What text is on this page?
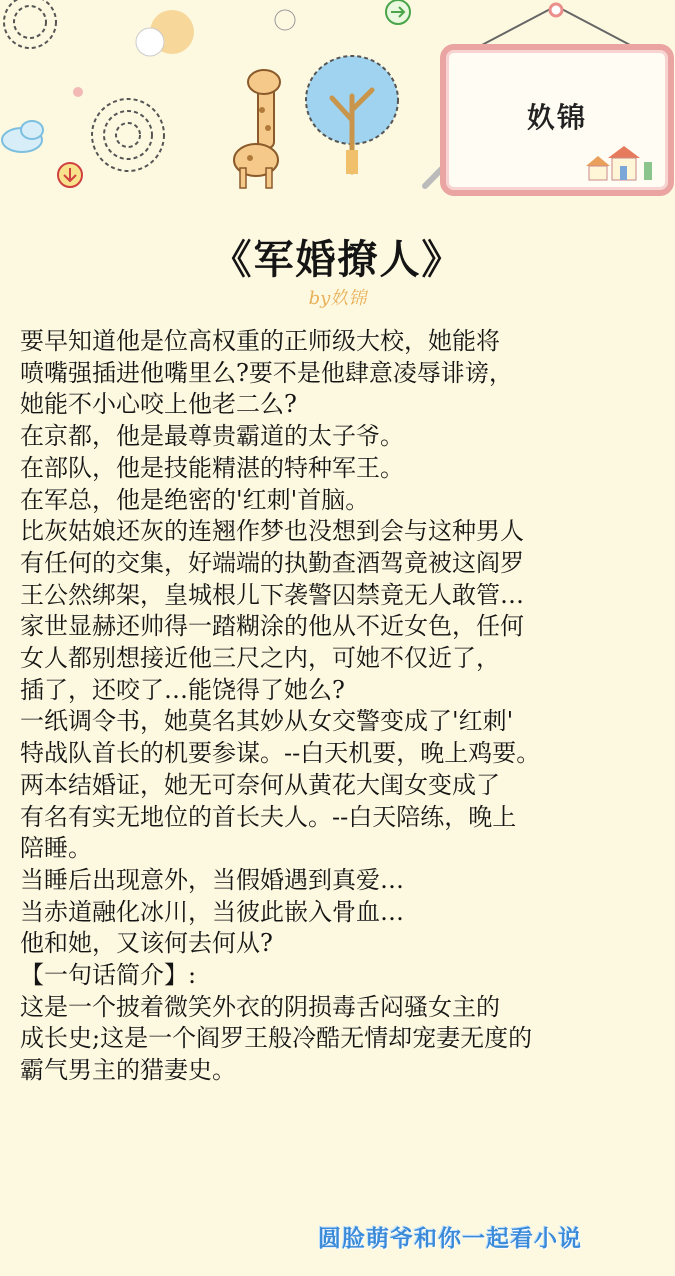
奺锦
《军婚撩人》
by奺锦
要早知道他是位高权重的正师级大校，她能将
喷嘴强插进他嘴里么?要不是他肆意凌辱诽谤，
她能不小心咬上他老二么?
在京都，他是最尊贵霸道的太子爷。
在部队，他是技能精湛的特种军王。
在军总，他是绝密的'红刺'首脑。
比灰姑娘还灰的连翘作梦也没想到会与这种男人
有任何的交集，好端端的执勤查酒驾竟被这阎罗
王公然绑架，皇城根儿下袭警囚禁竟无人敢管…
家世显赫还帅得一踏糊涂的他从不近女色，任何
女人都别想接近他三尺之内，可她不仅近了，
插了，还咬了…能饶得了她么?
一纸调令书，她莫名其妙从女交警变成了'红刺'
特战队首长的机要参谋。--白天机要，晚上鸡要。
两本结婚证，她无可奈何从黄花大闺女变成了
有名有实无地位的首长夫人。--白天陪练，晚上
陪睡。
当睡后出现意外，当假婚遇到真爱…
当赤道融化冰川，当彼此嵌入骨血…
他和她，又该何去何从?
【一句话简介】:
这是一个披着微笑外衣的阴损毒舌闷骚女主的
成长史;这是一个阎罗王般冷酷无情却宠妻无度的
霸气男主的猎妻史。
圆脸萌爷和你一起看小说
